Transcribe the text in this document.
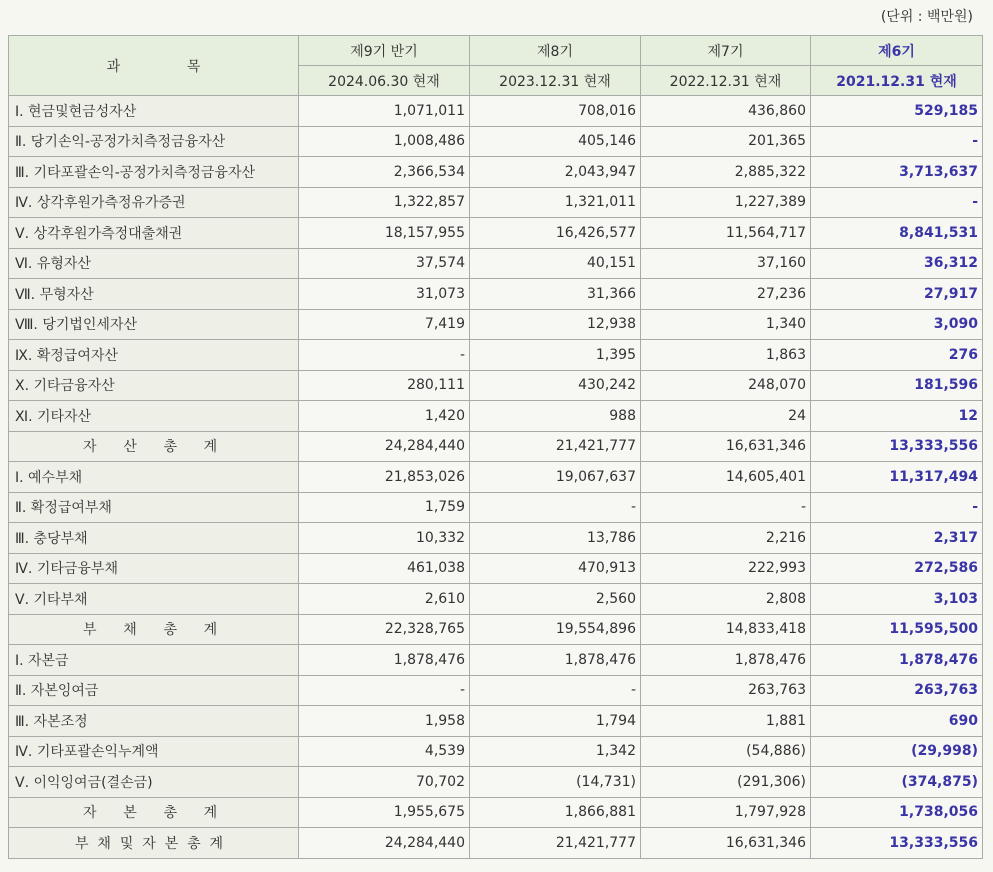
(단위 : 백만원)
과               목	제9기 반기	제8기	제7기	제6기
	2024.06.30 현재	2023.12.31 현재	2022.12.31 현재	2021.12.31 현재
Ⅰ. 현금및현금성자산	1,071,011	708,016	436,860	529,185
Ⅱ. 당기손익-공정가치측정금융자산	1,008,486	405,146	201,365	-
Ⅲ. 기타포괄손익-공정가치측정금융자산	2,366,534	2,043,947	2,885,322	3,713,637
Ⅳ. 상각후원가측정유가증권	1,322,857	1,321,011	1,227,389	-
Ⅴ. 상각후원가측정대출채권	18,157,955	16,426,577	11,564,717	8,841,531
Ⅵ. 유형자산	37,574	40,151	37,160	36,312
Ⅶ. 무형자산	31,073	31,366	27,236	27,917
Ⅷ. 당기법인세자산	7,419	12,938	1,340	3,090
Ⅸ. 확정급여자산	-	1,395	1,863	276
Ⅹ. 기타금융자산	280,111	430,242	248,070	181,596
Ⅺ. 기타자산	1,420	988	24	12
자      산      총      계	24,284,440	21,421,777	16,631,346	13,333,556
Ⅰ. 예수부채	21,853,026	19,067,637	14,605,401	11,317,494
Ⅱ. 확정급여부채	1,759	-	-	-
Ⅲ. 충당부채	10,332	13,786	2,216	2,317
Ⅳ. 기타금융부채	461,038	470,913	222,993	272,586
Ⅴ. 기타부채	2,610	2,560	2,808	3,103
부      채      총      계	22,328,765	19,554,896	14,833,418	11,595,500
Ⅰ. 자본금	1,878,476	1,878,476	1,878,476	1,878,476
Ⅱ. 자본잉여금	-	-	263,763	263,763
Ⅲ. 자본조정	1,958	1,794	1,881	690
Ⅳ. 기타포괄손익누계액	4,539	1,342	(54,886)	(29,998)
Ⅴ. 이익잉여금(결손금)	70,702	(14,731)	(291,306)	(374,875)
자      본      총      계	1,955,675	1,866,881	1,797,928	1,738,056
부  채  및  자  본  총  계	24,284,440	21,421,777	16,631,346	13,333,556
